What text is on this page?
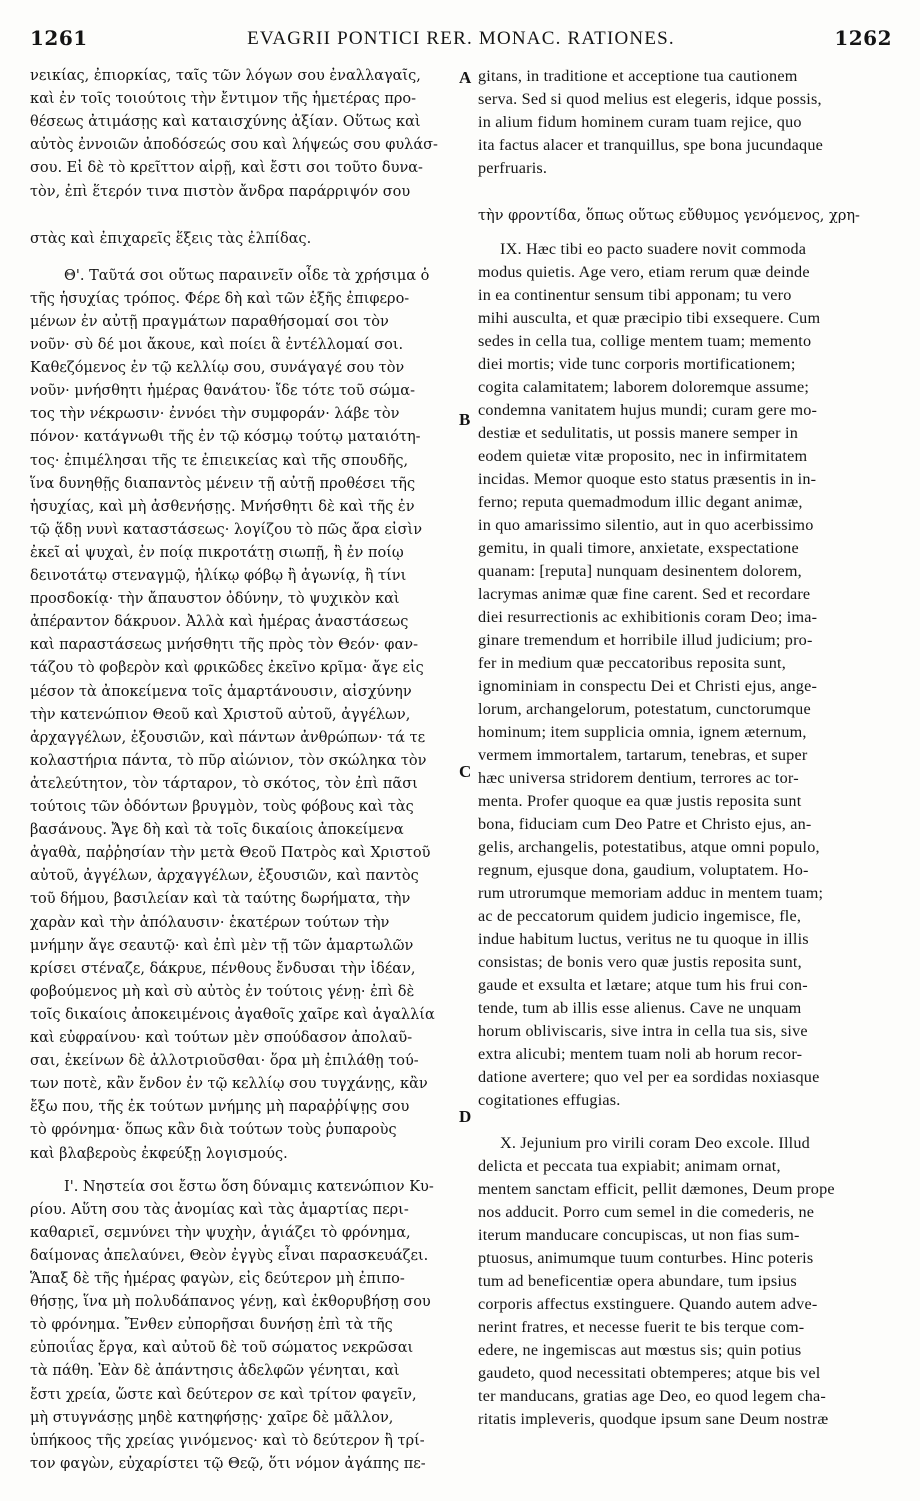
1261	EVAGRII PONTICI RER. MONAC. RATIONES.	1262
νεικίας, ἐπιορκίας, ταῖς τῶν λόγων σου ἐναλλαγαῖς,
καὶ ἐν τοῖς τοιούτοις τὴν ἔντιμον τῆς ἡμετέρας προ-
θέσεως ἀτιμάσῃς καὶ καταισχύνης ἀξίαν. Οὕτως καὶ
αὐτὸς ἐννοιῶν ἀποδόσεώς σου καὶ λήψεώς σου φυλάσ-
σου. Εἰ δὲ τὸ κρεῖττον αἱρῇ, καὶ ἔστι σοι τοῦτο δυνα-
τὸν, ἐπὶ ἕτερόν τινα πιστὸν ἄνδρα παράρριψόν σου
στὰς καὶ ἐπιχαρεῖς ἕξεις τὰς ἐλπίδας.
Θ'. Ταῦτά σοι οὕτως παραινεῖν οἶδε τὰ χρήσιμα ὁ
τῆς ἡσυχίας τρόπος. Φέρε δὴ καὶ τῶν ἑξῆς ἐπιφερο-
μένων ἐν αὐτῇ πραγμάτων παραθήσομαί σοι τὸν
νοῦν· σὺ δέ μοι ἄκουε, καὶ ποίει ἃ ἐντέλλομαί σοι.
Καθεζόμενος ἐν τῷ κελλίῳ σου, συνάγαγέ σου τὸν
νοῦν· μνήσθητι ἡμέρας θανάτου· ἴδε τότε τοῦ σώμα-
τος τὴν νέκρωσιν· ἐννόει τὴν συμφοράν· λάβε τὸν
πόνον· κατάγνωθι τῆς ἐν τῷ κόσμῳ τούτῳ ματαιότη-
τος· ἐπιμέλησαι τῆς τε ἐπιεικείας καὶ τῆς σπουδῆς,
ἵνα δυνηθῇς διαπαντὸς μένειν τῇ αὐτῇ προθέσει τῆς
ἡσυχίας, καὶ μὴ ἀσθενήσῃς. Μνήσθητι δὲ καὶ τῆς ἐν
τῷ ᾅδῃ νυνὶ καταστάσεως· λογίζου τὸ πῶς ἄρα εἰσὶν
ἐκεῖ αἱ ψυχαὶ, ἐν ποίᾳ πικροτάτῃ σιωπῇ, ἢ ἐν ποίῳ
δεινοτάτῳ στεναγμῷ, ἡλίκῳ φόβῳ ἢ ἀγωνίᾳ, ἢ τίνι
προσδοκίᾳ· τὴν ἄπαυστον ὀδύνην, τὸ ψυχικὸν καὶ
ἀπέραντον δάκρυον. Ἀλλὰ καὶ ἡμέρας ἀναστάσεως
καὶ παραστάσεως μνήσθητι τῆς πρὸς τὸν Θεόν· φαν-
τάζου τὸ φοβερὸν καὶ φρικῶδες ἐκεῖνο κρῖμα· ἄγε εἰς
μέσον τὰ ἀποκείμενα τοῖς ἁμαρτάνουσιν, αἰσχύνην
τὴν κατενώπιον Θεοῦ καὶ Χριστοῦ αὐτοῦ, ἀγγέλων,
ἀρχαγγέλων, ἐξουσιῶν, καὶ πάντων ἀνθρώπων· τά τε
κολαστήρια πάντα, τὸ πῦρ αἰώνιον, τὸν σκώληκα τὸν
ἀτελεύτητον, τὸν τάρταρον, τὸ σκότος, τὸν ἐπὶ πᾶσι
τούτοις τῶν ὀδόντων βρυγμὸν, τοὺς φόβους καὶ τὰς
βασάνους. Ἄγε δὴ καὶ τὰ τοῖς δικαίοις ἀποκείμενα
ἀγαθὰ, παῤῥησίαν τὴν μετὰ Θεοῦ Πατρὸς καὶ Χριστοῦ
αὐτοῦ, ἀγγέλων, ἀρχαγγέλων, ἐξουσιῶν, καὶ παντὸς
τοῦ δήμου, βασιλείαν καὶ τὰ ταύτης δωρήματα, τὴν
χαρὰν καὶ τὴν ἀπόλαυσιν· ἑκατέρων τούτων τὴν
μνήμην ἄγε σεαυτῷ· καὶ ἐπὶ μὲν τῇ τῶν ἁμαρτωλῶν
κρίσει στέναζε, δάκρυε, πένθους ἔνδυσαι τὴν ἰδέαν,
φοβούμενος μὴ καὶ σὺ αὐτὸς ἐν τούτοις γένῃ· ἐπὶ δὲ
τοῖς δικαίοις ἀποκειμένοις ἀγαθοῖς χαῖρε καὶ ἀγαλλία
καὶ εὐφραίνου· καὶ τούτων μὲν σπούδασον ἀπολαῦ-
σαι, ἐκείνων δὲ ἀλλοτριοῦσθαι· ὅρα μὴ ἐπιλάθῃ τού-
των ποτὲ, κἂν ἔνδον ἐν τῷ κελλίῳ σου τυγχάνῃς, κἂν
ἔξω που, τῆς ἐκ τούτων μνήμης μὴ παραῤῥίψῃς σου
τὸ φρόνημα· ὅπως κἂν διὰ τούτων τοὺς ῥυπαροὺς
καὶ βλαβεροὺς ἐκφεύξῃ λογισμούς.
Ι'. Νηστεία σοι ἔστω ὅση δύναμις κατενώπιον Κυ-
ρίου. Αὕτη σου τὰς ἀνομίας καὶ τὰς ἁμαρτίας περι-
καθαριεῖ, σεμνύνει τὴν ψυχὴν, ἁγιάζει τὸ φρόνημα,
δαίμονας ἀπελαύνει, Θεὸν ἐγγὺς εἶναι παρασκευάζει.
Ἅπαξ δὲ τῆς ἡμέρας φαγὼν, εἰς δεύτερον μὴ ἐπιπο-
θήσῃς, ἵνα μὴ πολυδάπανος γένῃ, καὶ ἐκθορυβήσῃ σου
τὸ φρόνημα. Ἔνθεν εὐπορῆσαι δυνήσῃ ἐπὶ τὰ τῆς
εὐποιΐας ἔργα, καὶ αὐτοῦ δὲ τοῦ σώματος νεκρῶσαι
τὰ πάθη. Ἐὰν δὲ ἀπάντησις ἀδελφῶν γένηται, καὶ
ἔστι χρεία, ὥστε καὶ δεύτερον σε καὶ τρίτον φαγεῖν,
μὴ στυγνάσῃς μηδὲ κατηφήσῃς· χαῖρε δὲ μᾶλλον,
ὑπήκοος τῆς χρείας γινόμενος· καὶ τὸ δεύτερον ἢ τρί-
τον φαγὼν, εὐχαρίστει τῷ Θεῷ, ὅτι νόμον ἀγάπης πε-
gitans, in traditione et acceptione tua cautionem
serva. Sed si quod melius est elegeris, idque possis,
in alium fidum hominem curam tuam rejice, quo
ita factus alacer et tranquillus, spe bona jucundaque
perfruaris.
IX. Hæc tibi eo pacto suadere novit commoda
modus quietis. Age vero, etiam rerum quæ deinde
in ea continentur sensum tibi apponam; tu vero
mihi ausculta, et quæ præcipio tibi exsequere. Cum
sedes in cella tua, collige mentem tuam; memento
diei mortis; vide tunc corporis mortificationem;
cogita calamitatem; laborem doloremque assume;
condemna vanitatem hujus mundi; curam gere mo-
destiæ et sedulitatis, ut possis manere semper in
eodem quietæ vitæ proposito, nec in infirmitatem
incidas. Memor quoque esto status præsentis in in-
ferno; reputa quemadmodum illic degant animæ,
in quo amarissimo silentio, aut in quo acerbissimo
gemitu, in quali timore, anxietate, exspectatione
quanam: [reputa] nunquam desinentem dolorem,
lacrymas animæ quæ fine carent. Sed et recordare
diei resurrectionis ac exhibitionis coram Deo; ima-
ginare tremendum et horribile illud judicium; pro-
fer in medium quæ peccatoribus reposita sunt,
ignominiam in conspectu Dei et Christi ejus, ange-
lorum, archangelorum, potestatum, cunctorumque
hominum; item supplicia omnia, ignem æternum,
vermem immortalem, tartarum, tenebras, et super
hæc universa stridorem dentium, terrores ac tor-
menta. Profer quoque ea quæ justis reposita sunt
bona, fiduciam cum Deo Patre et Christo ejus, an-
gelis, archangelis, potestatibus, atque omni populo,
regnum, ejusque dona, gaudium, voluptatem. Ho-
rum utrorumque memoriam adduc in mentem tuam;
ac de peccatorum quidem judicio ingemisce, fle,
indue habitum luctus, veritus ne tu quoque in illis
consistas; de bonis vero quæ justis reposita sunt,
gaude et exsulta et lætare; atque tum his frui con-
tende, tum ab illis esse alienus. Cave ne unquam
horum obliviscaris, sive intra in cella tua sis, sive
extra alicubi; mentem tuam noli ab horum recor-
datione avertere; quo vel per ea sordidas noxiasque
cogitationes effugias.
X. Jejunium pro virili coram Deo excole. Illud
delicta et peccata tua expiabit; animam ornat,
mentem sanctam efficit, pellit dæmones, Deum prope
nos adducit. Porro cum semel in die comederis, ne
iterum manducare concupiscas, ut non fias sum-
ptuosus, animumque tuum conturbes. Hinc poteris
tum ad beneficentiæ opera abundare, tum ipsius
corporis affectus exstinguere. Quando autem adve-
nerint fratres, et necesse fuerit te bis terque com-
edere, ne ingemiscas aut mœstus sis; quin potius
gaudeto, quod necessitati obtemperes; atque bis vel
ter manducans, gratias age Deo, eo quod legem cha-
ritatis impleveris, quodque ipsum sane Deum nostræ
τὴν φροντίδα, ὅπως οὕτως εὔθυμος γενόμενος, χρη-
A
B
C
D
